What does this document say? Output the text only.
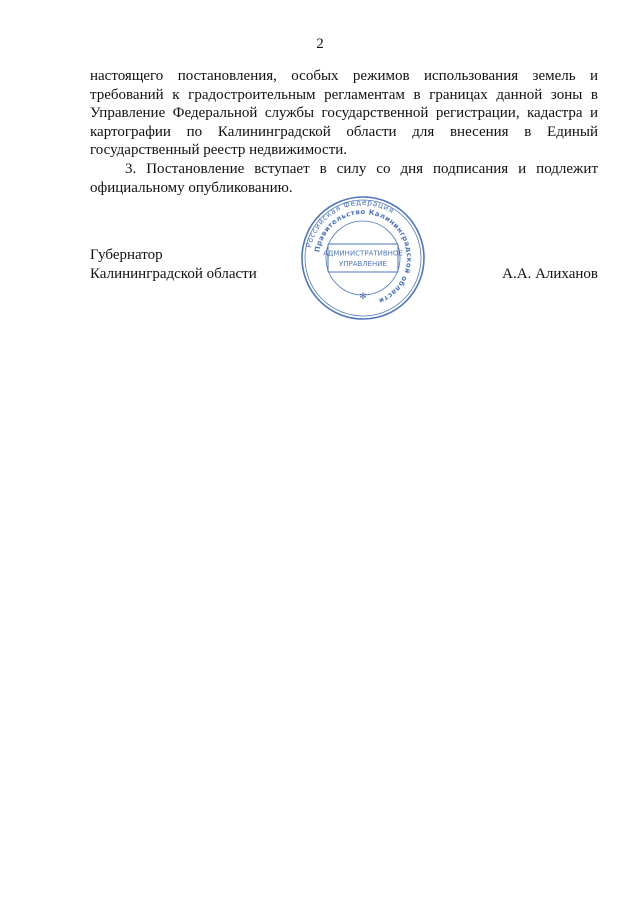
2

настоящего постановления, особых режимов использования земель и требований к градостроительным регламентам в границах данной зоны в Управление Федеральной службы государственной регистрации, кадастра и картографии по Калининградской области для внесения в Единый государственный реестр недвижимости.

3. Постановление вступает в силу со дня подписания и подлежит официальному опубликованию.

Губернатор
Калининградской области	А.А. Алиханов
Российская Федерация
Правительство Калининградской области
АДМИНИСТРАТИВНОЕ
УПРАВЛЕНИЕ
✻
